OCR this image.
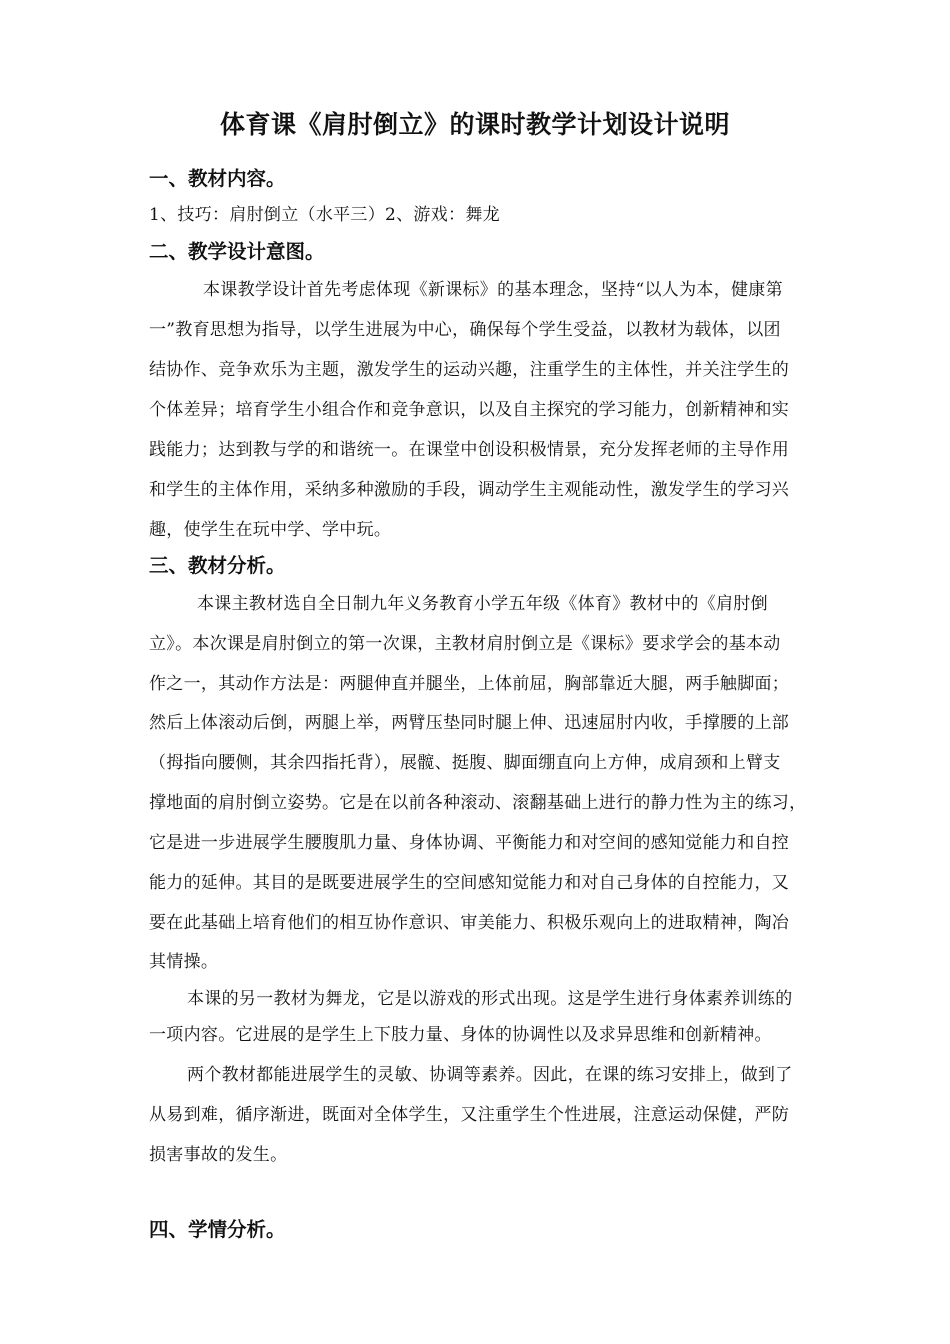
体育课《肩肘倒立》的课时教学计划设计说明
一、教材内容。
1、技巧：肩肘倒立（水平三）2、游戏：舞龙
二、教学设计意图。
本课教学设计首先考虑体现《新课标》的基本理念，坚持“以人为本，健康第
一”教育思想为指导，以学生进展为中心，确保每个学生受益，以教材为载体，以团
结协作、竞争欢乐为主题，激发学生的运动兴趣，注重学生的主体性，并关注学生的
个体差异；培育学生小组合作和竞争意识，以及自主探究的学习能力，创新精神和实
践能力；达到教与学的和谐统一。在课堂中创设积极情景，充分发挥老师的主导作用
和学生的主体作用，采纳多种激励的手段，调动学生主观能动性，激发学生的学习兴
趣，使学生在玩中学、学中玩。
三、教材分析。
本课主教材选自全日制九年义务教育小学五年级《体育》教材中的《肩肘倒
立》。本次课是肩肘倒立的第一次课，主教材肩肘倒立是《课标》要求学会的基本动
作之一，其动作方法是：两腿伸直并腿坐，上体前屈，胸部靠近大腿，两手触脚面；
然后上体滚动后倒，两腿上举，两臂压垫同时腿上伸、迅速屈肘内收，手撑腰的上部
（拇指向腰侧，其余四指托背），展髋、挺腹、脚面绷直向上方伸，成肩颈和上臂支
撑地面的肩肘倒立姿势。它是在以前各种滚动、滚翻基础上进行的静力性为主的练习，
它是进一步进展学生腰腹肌力量、身体协调、平衡能力和对空间的感知觉能力和自控
能力的延伸。其目的是既要进展学生的空间感知觉能力和对自己身体的自控能力，又
要在此基础上培育他们的相互协作意识、审美能力、积极乐观向上的进取精神，陶冶
其情操。
本课的另一教材为舞龙，它是以游戏的形式出现。这是学生进行身体素养训练的
一项内容。它进展的是学生上下肢力量、身体的协调性以及求异思维和创新精神。
两个教材都能进展学生的灵敏、协调等素养。因此，在课的练习安排上，做到了
从易到难，循序渐进，既面对全体学生，又注重学生个性进展，注意运动保健，严防
损害事故的发生。
四、学情分析。
